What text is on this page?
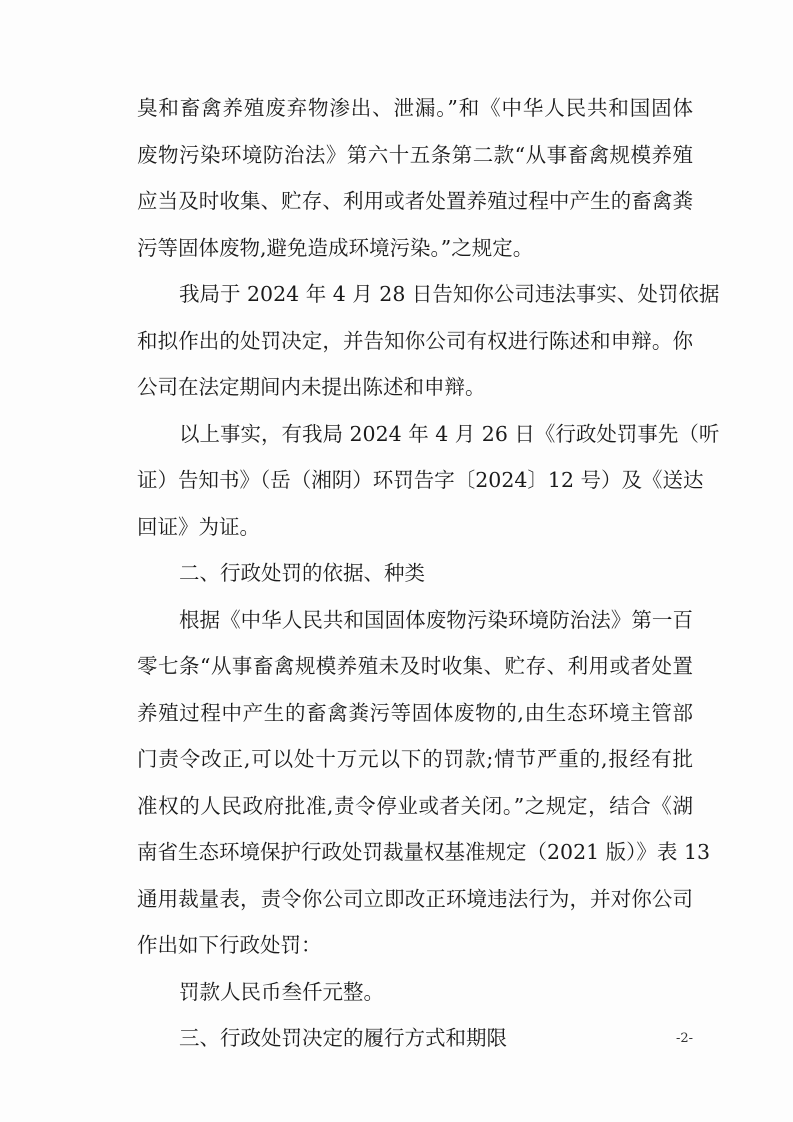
臭和畜禽养殖废弃物渗出、泄漏。”和《中华人民共和国固体
废物污染环境防治法》第六十五条第二款“从事畜禽规模养殖
应当及时收集、贮存、利用或者处置养殖过程中产生的畜禽粪
污等固体废物,避免造成环境污染。”之规定。
我局于 2024 年 4 月 28 日告知你公司违法事实、处罚依据
和拟作出的处罚决定，并告知你公司有权进行陈述和申辩。你
公司在法定期间内未提出陈述和申辩。
以上事实，有我局 2024 年 4 月 26 日《行政处罚事先（听
证）告知书》（岳（湘阴）环罚告字〔2024〕12 号）及《送达
回证》为证。
二、行政处罚的依据、种类
根据《中华人民共和国固体废物污染环境防治法》第一百
零七条“从事畜禽规模养殖未及时收集、贮存、利用或者处置
养殖过程中产生的畜禽粪污等固体废物的,由生态环境主管部
门责令改正,可以处十万元以下的罚款;情节严重的,报经有批
准权的人民政府批准,责令停业或者关闭。”之规定，结合《湖
南省生态环境保护行政处罚裁量权基准规定（2021 版）》表 13
通用裁量表，责令你公司立即改正环境违法行为，并对你公司
作出如下行政处罚：
罚款人民币叁仟元整。
三、行政处罚决定的履行方式和期限	-2-
